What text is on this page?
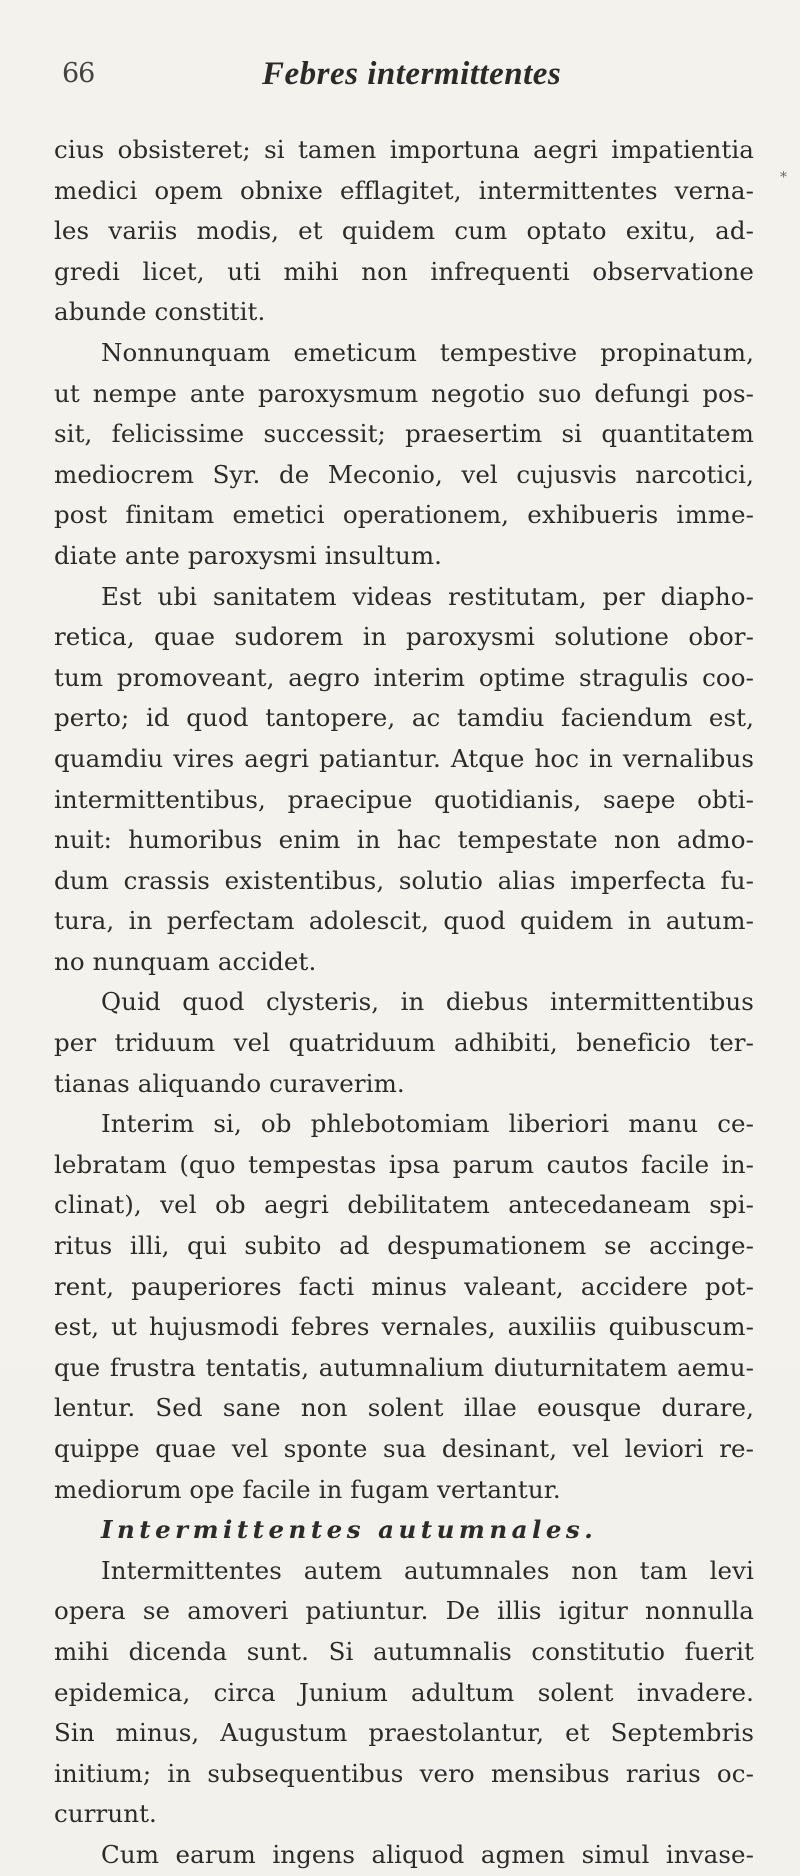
66	Febres intermittentes
⁎
cius obsisteret; si tamen importuna aegri impatientia
medici opem obnixe efflagitet, intermittentes verna-
les variis modis, et quidem cum optato exitu, ad-
gredi licet, uti mihi non infrequenti observatione
abunde constitit.
Nonnunquam emeticum tempestive propinatum,
ut nempe ante paroxysmum negotio suo defungi pos-
sit, felicissime successit; praesertim si quantitatem
mediocrem Syr. de Meconio, vel cujusvis narcotici,
post finitam emetici operationem, exhibueris imme-
diate ante paroxysmi insultum.
Est ubi sanitatem videas restitutam, per diapho-
retica, quae sudorem in paroxysmi solutione obor-
tum promoveant, aegro interim optime stragulis coo-
perto; id quod tantopere, ac tamdiu faciendum est,
quamdiu vires aegri patiantur. Atque hoc in vernalibus
intermittentibus, praecipue quotidianis, saepe obti-
nuit: humoribus enim in hac tempestate non admo-
dum crassis existentibus, solutio alias imperfecta fu-
tura, in perfectam adolescit, quod quidem in autum-
no nunquam accidet.
Quid quod clysteris, in diebus intermittentibus
per triduum vel quatriduum adhibiti, beneficio ter-
tianas aliquando curaverim.
Interim si, ob phlebotomiam liberiori manu ce-
lebratam (quo tempestas ipsa parum cautos facile in-
clinat), vel ob aegri debilitatem antecedaneam spi-
ritus illi, qui subito ad despumationem se accinge-
rent, pauperiores facti minus valeant, accidere pot-
est, ut hujusmodi febres vernales, auxiliis quibuscum-
que frustra tentatis, autumnalium diuturnitatem aemu-
lentur. Sed sane non solent illae eousque durare,
quippe quae vel sponte sua desinant, vel leviori re-
mediorum ope facile in fugam vertantur.
Intermittentes autumnales.
Intermittentes autem autumnales non tam levi
opera se amoveri patiuntur. De illis igitur nonnulla
mihi dicenda sunt. Si autumnalis constitutio fuerit
epidemica, circa Junium adultum solent invadere.
Sin minus, Augustum praestolantur, et Septembris
initium; in subsequentibus vero mensibus rarius oc-
currunt.
Cum earum ingens aliquod agmen simul invase-
